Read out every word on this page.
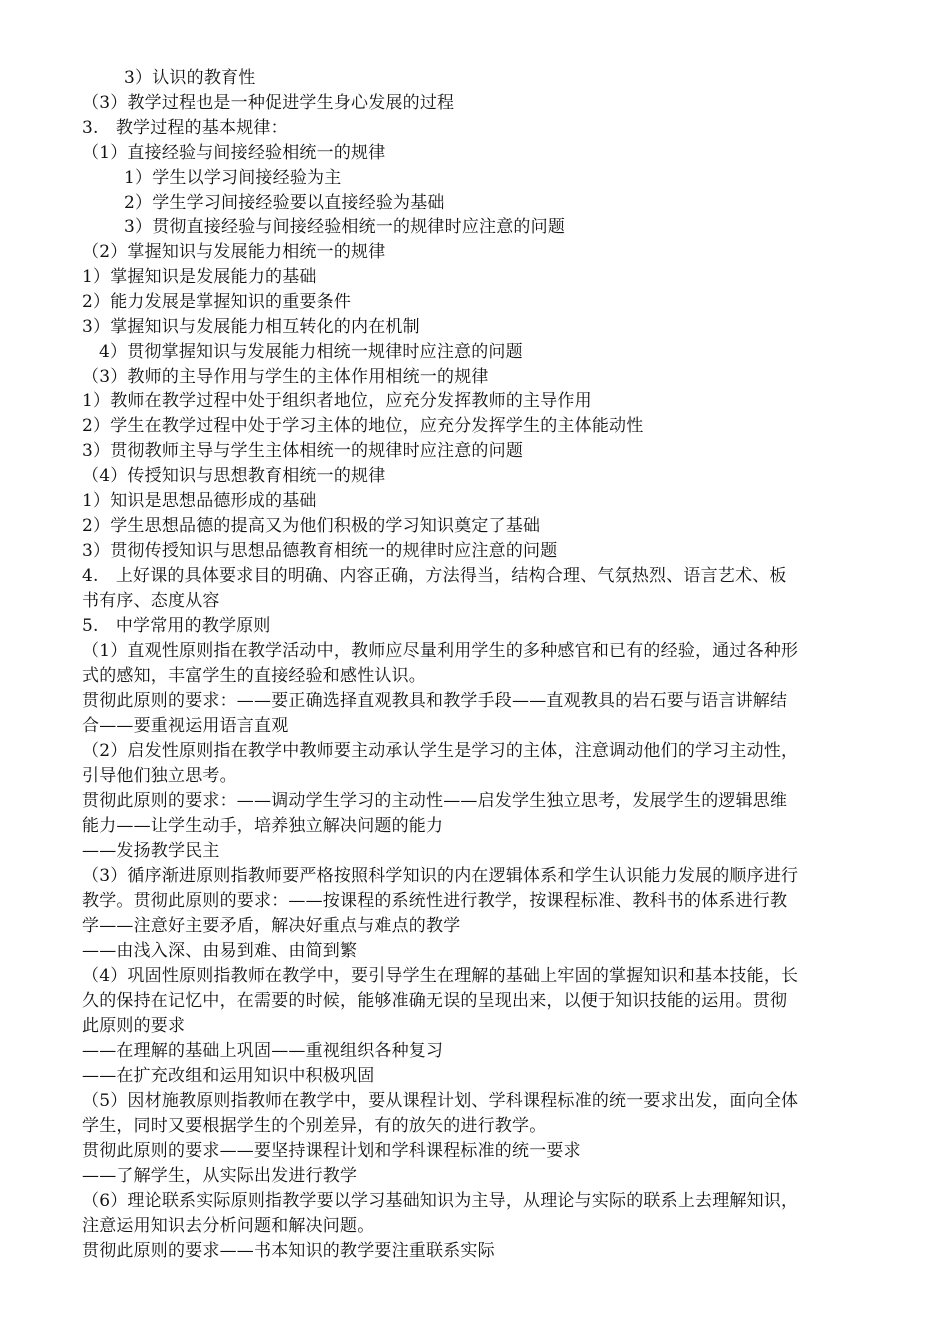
3）认识的教育性
（3）教学过程也是一种促进学生身心发展的过程
3.　教学过程的基本规律：
（1）直接经验与间接经验相统一的规律
1）学生以学习间接经验为主
2）学生学习间接经验要以直接经验为基础
3）贯彻直接经验与间接经验相统一的规律时应注意的问题
（2）掌握知识与发展能力相统一的规律
1）掌握知识是发展能力的基础
2）能力发展是掌握知识的重要条件
3）掌握知识与发展能力相互转化的内在机制
4）贯彻掌握知识与发展能力相统一规律时应注意的问题
（3）教师的主导作用与学生的主体作用相统一的规律
1）教师在教学过程中处于组织者地位，应充分发挥教师的主导作用
2）学生在教学过程中处于学习主体的地位，应充分发挥学生的主体能动性
3）贯彻教师主导与学生主体相统一的规律时应注意的问题
（4）传授知识与思想教育相统一的规律
1）知识是思想品德形成的基础
2）学生思想品德的提高又为他们积极的学习知识奠定了基础
3）贯彻传授知识与思想品德教育相统一的规律时应注意的问题
4.　上好课的具体要求目的明确、内容正确，方法得当，结构合理、气氛热烈、语言艺术、板
书有序、态度从容
5.　中学常用的教学原则
（1）直观性原则指在教学活动中，教师应尽量利用学生的多种感官和已有的经验，通过各种形
式的感知，丰富学生的直接经验和感性认识。
贯彻此原则的要求：——要正确选择直观教具和教学手段——直观教具的岩石要与语言讲解结
合——要重视运用语言直观
（2）启发性原则指在教学中教师要主动承认学生是学习的主体，注意调动他们的学习主动性，
引导他们独立思考。
贯彻此原则的要求：——调动学生学习的主动性——启发学生独立思考，发展学生的逻辑思维
能力——让学生动手，培养独立解决问题的能力
——发扬教学民主
（3）循序渐进原则指教师要严格按照科学知识的内在逻辑体系和学生认识能力发展的顺序进行
教学。贯彻此原则的要求：——按课程的系统性进行教学，按课程标准、教科书的体系进行教
学——注意好主要矛盾，解决好重点与难点的教学
——由浅入深、由易到难、由简到繁
（4）巩固性原则指教师在教学中，要引导学生在理解的基础上牢固的掌握知识和基本技能，长
久的保持在记忆中，在需要的时候，能够准确无误的呈现出来，以便于知识技能的运用。贯彻
此原则的要求
——在理解的基础上巩固——重视组织各种复习
——在扩充改组和运用知识中积极巩固
（5）因材施教原则指教师在教学中，要从课程计划、学科课程标准的统一要求出发，面向全体
学生，同时又要根据学生的个别差异，有的放矢的进行教学。
贯彻此原则的要求——要坚持课程计划和学科课程标准的统一要求
——了解学生，从实际出发进行教学
（6）理论联系实际原则指教学要以学习基础知识为主导，从理论与实际的联系上去理解知识，
注意运用知识去分析问题和解决问题。
贯彻此原则的要求——书本知识的教学要注重联系实际
